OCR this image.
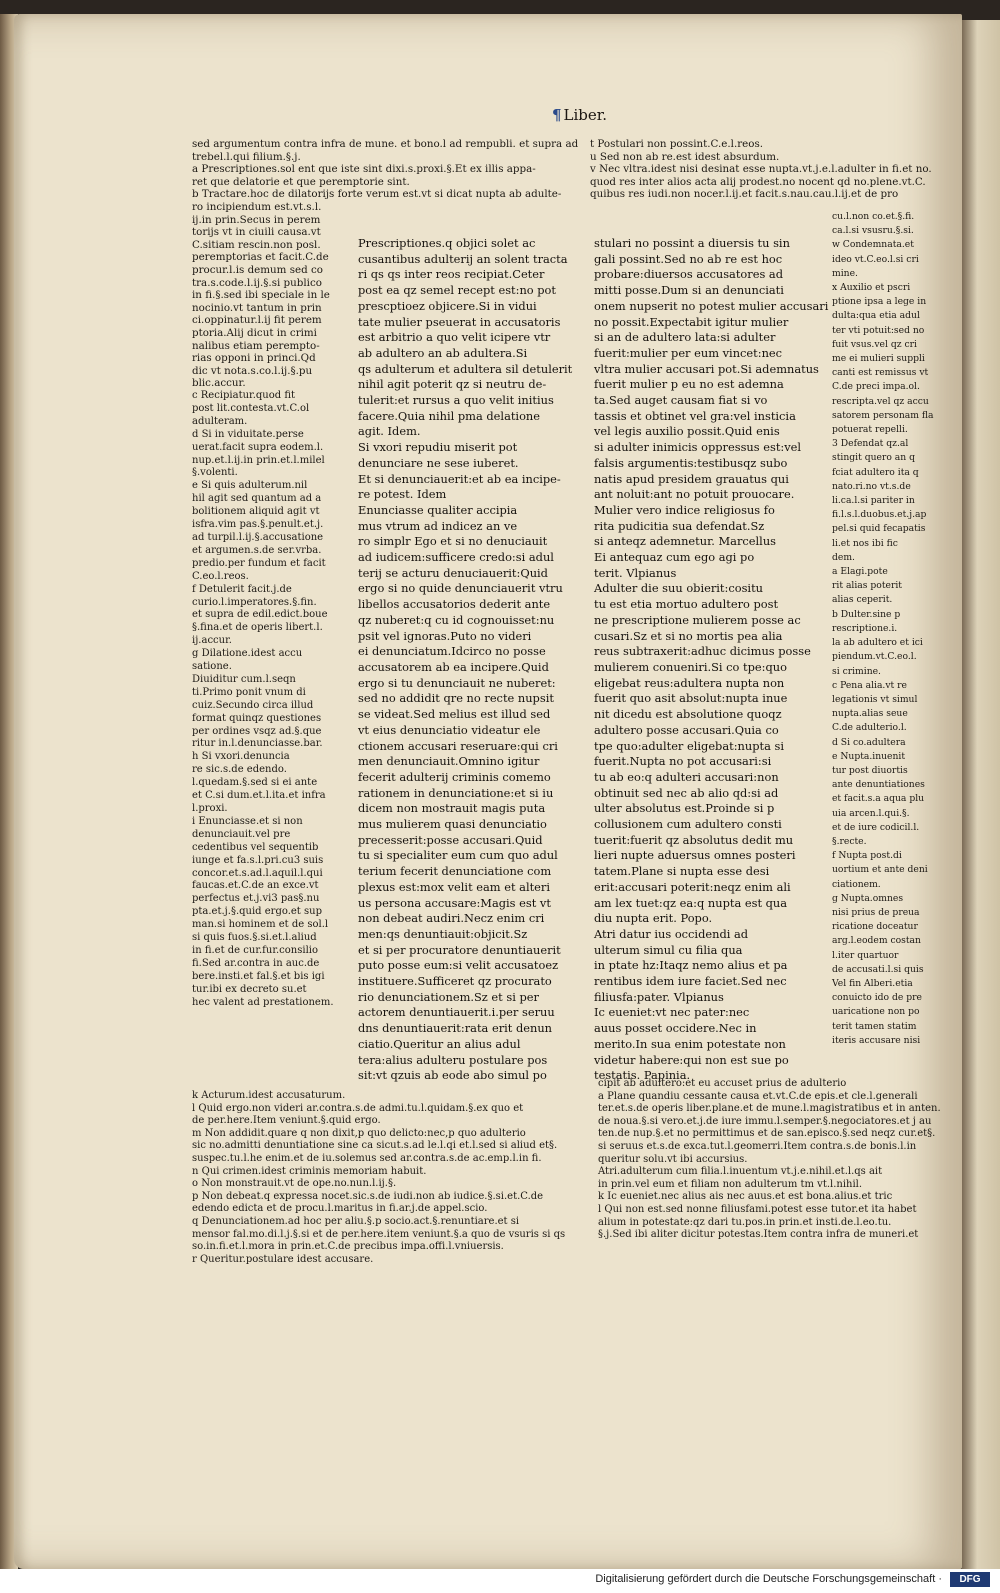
¶ Liber.

sed argumentum contra infra de mune. et bono.l ad rempubli. et supra ad

trebel.l.qui filium.§.j.

a Prescriptiones.sol ent que iste sint dixi.s.proxi.§.Et ex illis appa-

ret que delatorie et que peremptorie sint.

b Tractare.hoc de dilatorijs forte verum est.vt si dicat nupta ab adulte-

ro incipiendum est.vt.s.l.

ij.in prin.Secus in perem

torijs vt in ciuili causa.vt

C.sitiam rescin.non posl.

peremptorias et facit.C.de

procur.l.is demum sed co

tra.s.code.l.ij.§.si publico

in fi.§.sed ibi speciale in le

nocinio.vt tantum in prin

ci.oppinatur.l.ij fit perem

ptoria.Alij dicut in crimi

nalibus etiam perempto-

rias opponi in princi.Qd

dic vt nota.s.co.l.ij.§.pu

blic.accur.

t Postulari non possint.C.e.l.reos.

u Sed non ab re.est idest absurdum.

v Nec vltra.idest nisi desinat esse nupta.vt.j.e.l.adulter in fi.et no.

quod res inter alios acta alij prodest.no nocent qd no.plene.vt.C.

quibus res iudi.non nocer.l.ij.et facit.s.nau.cau.l.ij.et de pro

c Recipiatur.quod fit

post lit.contesta.vt.C.ol

adulteram.

d Si in viduitate.perse

uerat.facit supra eodem.l.

nup.et.l.ij.in prin.et.l.milel

§.volenti.

e Si quis adulterum.nil

hil agit sed quantum ad a

bolitionem aliquid agit vt

isfra.vim pas.§.penult.et.j.

ad turpil.l.ij.§.accusatione

et argumen.s.de ser.vrba.

predio.per fundum et facit

C.eo.l.reos.

f Detulerit facit.j.de

curio.l.imperatores.§.fin.

et supra de edil.edict.boue

§.fina.et de operis libert.l.

ij.accur.

g Dilatione.idest accu

satione.

Diuiditur cum.l.seqn

ti.Primo ponit vnum di

cuiz.Secundo circa illud

format quinqz questiones

per ordines vsqz ad.§.que

ritur in.l.denunciasse.bar.

h Si vxori.denuncia

re sic.s.de edendo.

l.quedam.§.sed si ei ante

et C.si dum.et.l.ita.et infra

l.proxi.

i Enunciasse.et si non

denunciauit.vel pre

cedentibus vel sequentib

iunge et fa.s.l.pri.cu3 suis

concor.et.s.ad.l.aquil.l.qui

faucas.et.C.de an exce.vt

perfectus et.j.vi3 pas§.nu

pta.et.j.§.quid ergo.et sup

man.si hominem et de sol.l

si quis fuos.§.si.et.l.aliud

in fi.et de cur.fur.consilio

fi.Sed ar.contra in auc.de

bere.insti.et fal.§.et bis igi

tur.ibi ex decreto su.et

hec valent ad prestationem.

Prescriptiones.q objici solet ac

cusantibus adulterij an solent tracta

ri qs qs inter reos recipiat.Ceter

post ea qz semel recept est:no pot

prescptioez objicere.Si in vidui

tate mulier pseuerat in accusatoris

est arbitrio a quo velit icipere vtr

ab adultero an ab adultera.Si

qs adulterum et adultera sil detulerit

nihil agit poterit qz si neutru de-

tulerit:et rursus a quo velit initius

facere.Quia nihil pma delatione

agit. Idem.

Si vxori repudiu miserit pot

denunciare ne sese iuberet.

Et si denunciauerit:et ab ea incipe-

re potest. Idem

Enunciasse qualiter accipia

mus vtrum ad indicez an ve

ro simplr Ego et si no denuciauit

ad iudicem:sufficere credo:si adul

terij se acturu denuciauerit:Quid

ergo si no quide denunciauerit vtru

libellos accusatorios dederit ante

qz nuberet:q cu id cognouisset:nu

psit vel ignoras.Puto no videri

ei denunciatum.Idcirco no posse

accusatorem ab ea incipere.Quid

ergo si tu denunciauit ne nuberet:

sed no addidit qre no recte nupsit

se videat.Sed melius est illud sed

vt eius denunciatio videatur ele

ctionem accusari reseruare:qui cri

men denunciauit.Omnino igitur

fecerit adulterij criminis comemo

rationem in denunciatione:et si iu

dicem non mostrauit magis puta

mus mulierem quasi denunciatio

precesserit:posse accusari.Quid

tu si specialiter eum cum quo adul

terium fecerit denunciatione com

plexus est:mox velit eam et alteri

us persona accusare:Magis est vt

non debeat audiri.Necz enim cri

men:qs denuntiauit:objicit.Sz

et si per procuratore denuntiauerit

puto posse eum:si velit accusatoez

instituere.Sufficeret qz procurato

rio denunciationem.Sz et si per

actorem denuntiauerit.i.per seruu

dns denuntiauerit:rata erit denun

ciatio.Queritur an alius adul

tera:alius adulteru postulare pos

sit:vt qzuis ab eode abo simul po

stulari no possint a diuersis tu sin

gali possint.Sed no ab re est hoc

probare:diuersos accusatores ad

mitti posse.Dum si an denunciati

onem nupserit no potest mulier accusari

no possit.Expectabit igitur mulier

si an de adultero lata:si adulter

fuerit:mulier per eum vincet:nec

vltra mulier accusari pot.Si ademnatus

fuerit mulier p eu no est ademna

ta.Sed auget causam fiat si vo

tassis et obtinet vel gra:vel insticia

vel legis auxilio possit.Quid enis

si adulter inimicis oppressus est:vel

falsis argumentis:testibusqz subo

natis apud presidem grauatus qui

ant noluit:ant no potuit prouocare.

Mulier vero indice religiosus fo

rita pudicitia sua defendat.Sz

si anteqz ademnetur. Marcellus

Ei antequaz cum ego agi po

terit. Vlpianus

Adulter die suu obierit:cositu

tu est etia mortuo adultero post

ne prescriptione mulierem posse ac

cusari.Sz et si no mortis pea alia

reus subtraxerit:adhuc dicimus posse

mulierem conueniri.Si co tpe:quo

eligebat reus:adultera nupta non

fuerit quo asit absolut:nupta inue

nit dicedu est absolutione quoqz

adultero posse accusari.Quia co

tpe quo:adulter eligebat:nupta si

fuerit.Nupta no pot accusari:si

tu ab eo:q adulteri accusari:non

obtinuit sed nec ab alio qd:si ad

ulter absolutus est.Proinde si p

collusionem cum adultero consti

tuerit:fuerit qz absolutus dedit mu

lieri nupte aduersus omnes posteri

tatem.Plane si nupta esse desi

erit:accusari poterit:neqz enim ali

am lex tuet:qz ea:q nupta est qua

diu nupta erit. Popo.

Atri datur ius occidendi ad

ulterum simul cu filia qua

in ptate hz:Itaqz nemo alius et pa

rentibus idem iure faciet.Sed nec

filiusfa:pater. Vlpianus

Ic eueniet:vt nec pater:nec

auus posset occidere.Nec in

merito.In sua enim potestate non

videtur habere:qui non est sue po

testatis. Papinia.

cu.l.non co.et.§.fi.

ca.l.si vsusru.§.si.

w Condemnata.et

ideo vt.C.eo.l.si cri

mine.

x Auxilio et pscri

ptione ipsa a lege in

dulta:qua etia adul

ter vti potuit:sed no

fuit vsus.vel qz cri

me ei mulieri suppli

canti est remissus vt

C.de preci impa.ol.

rescripta.vel qz accu

satorem personam fla

potuerat repelli.

3 Defendat qz.al

stingit quero an q

fciat adultero ita q

nato.ri.no vt.s.de

li.ca.l.si pariter in

fi.l.s.l.duobus.et.j.ap

pel.si quid fecapatis

li.et nos ibi fic

dem.

a Elagi.pote

rit alias poterit

alias ceperit.

b Dulter.sine p

rescriptione.i.

la ab adultero et ici

piendum.vt.C.eo.l.

si crimine.

c Pena alia.vt re

legationis vt simul

nupta.alias seue

C.de adulterio.l.

d Si co.adultera

e Nupta.inuenit

tur post diuortis

ante denuntiationes

et facit.s.a aqua plu

uia arcen.l.qui.§.

et de iure codicil.l.

§.recte.

f Nupta post.di

uortium et ante deni

ciationem.

g Nupta.omnes

nisi prius de preua

ricatione doceatur

arg.l.eodem costan

l.iter quartuor

de accusati.l.si quis

Vel fin Alberi.etia

conuicto ido de pre

uaricatione non po

terit tamen statim

iteris accusare nisi

k Acturum.idest accusaturum.

l Quid ergo.non videri ar.contra.s.de admi.tu.l.quidam.§.ex quo et

de per.here.Item veniunt.§.quid ergo.

m Non addidit.quare q non dixit,p quo delicto:nec,p quo adulterio

sic no.admitti denuntiatione sine ca sicut.s.ad le.l.qi et.l.sed si aliud et§.

suspec.tu.l.he enim.et de iu.solemus sed ar.contra.s.de ac.emp.l.in fi.

n Qui crimen.idest criminis memoriam habuit.

o Non monstrauit.vt de ope.no.nun.l.ij.§.

p Non debeat.q expressa nocet.sic.s.de iudi.non ab iudice.§.si.et.C.de

edendo edicta et de procu.l.maritus in fi.ar.j.de appel.scio.

q Denunciationem.ad hoc per aliu.§.p socio.act.§.renuntiare.et si

mensor fal.mo.di.l.j.§.si et de per.here.item veniunt.§.a quo de vsuris si qs

so.in.fi.et.l.mora in prin.et.C.de precibus impa.offi.l.vniuersis.

r Queritur.postulare idest accusare.

cipit ab adultero:et eu accuset prius de adulterio

a Plane quandiu cessante causa et.vt.C.de epis.et cle.l.generali

ter.et.s.de operis liber.plane.et de mune.l.magistratibus et in anten.

de noua.§.si vero.et.j.de iure immu.l.semper.§.negociatores.et j au

ten.de nup.§.et no permittimus et de san.episco.§.sed neqz cur.et§.

si seruus et.s.de exca.tut.l.geomerri.Item contra.s.de bonis.l.in

queritur solu.vt ibi accursius.

Atri.adulterum cum filia.l.inuentum vt.j.e.nihil.et.l.qs ait

in prin.vel eum et filiam non adulterum tm vt.l.nihil.

k Ic eueniet.nec alius ais nec auus.et est bona.alius.et tric

l Qui non est.sed nonne filiusfami.potest esse tutor.et ita habet

alium in potestate:qz dari tu.pos.in prin.et insti.de.l.eo.tu.

§.j.Sed ibi aliter dicitur potestas.Item contra infra de muneri.et

Digitalisierung gefördert durch die Deutsche Forschungsgemeinschaft ·	DFG
